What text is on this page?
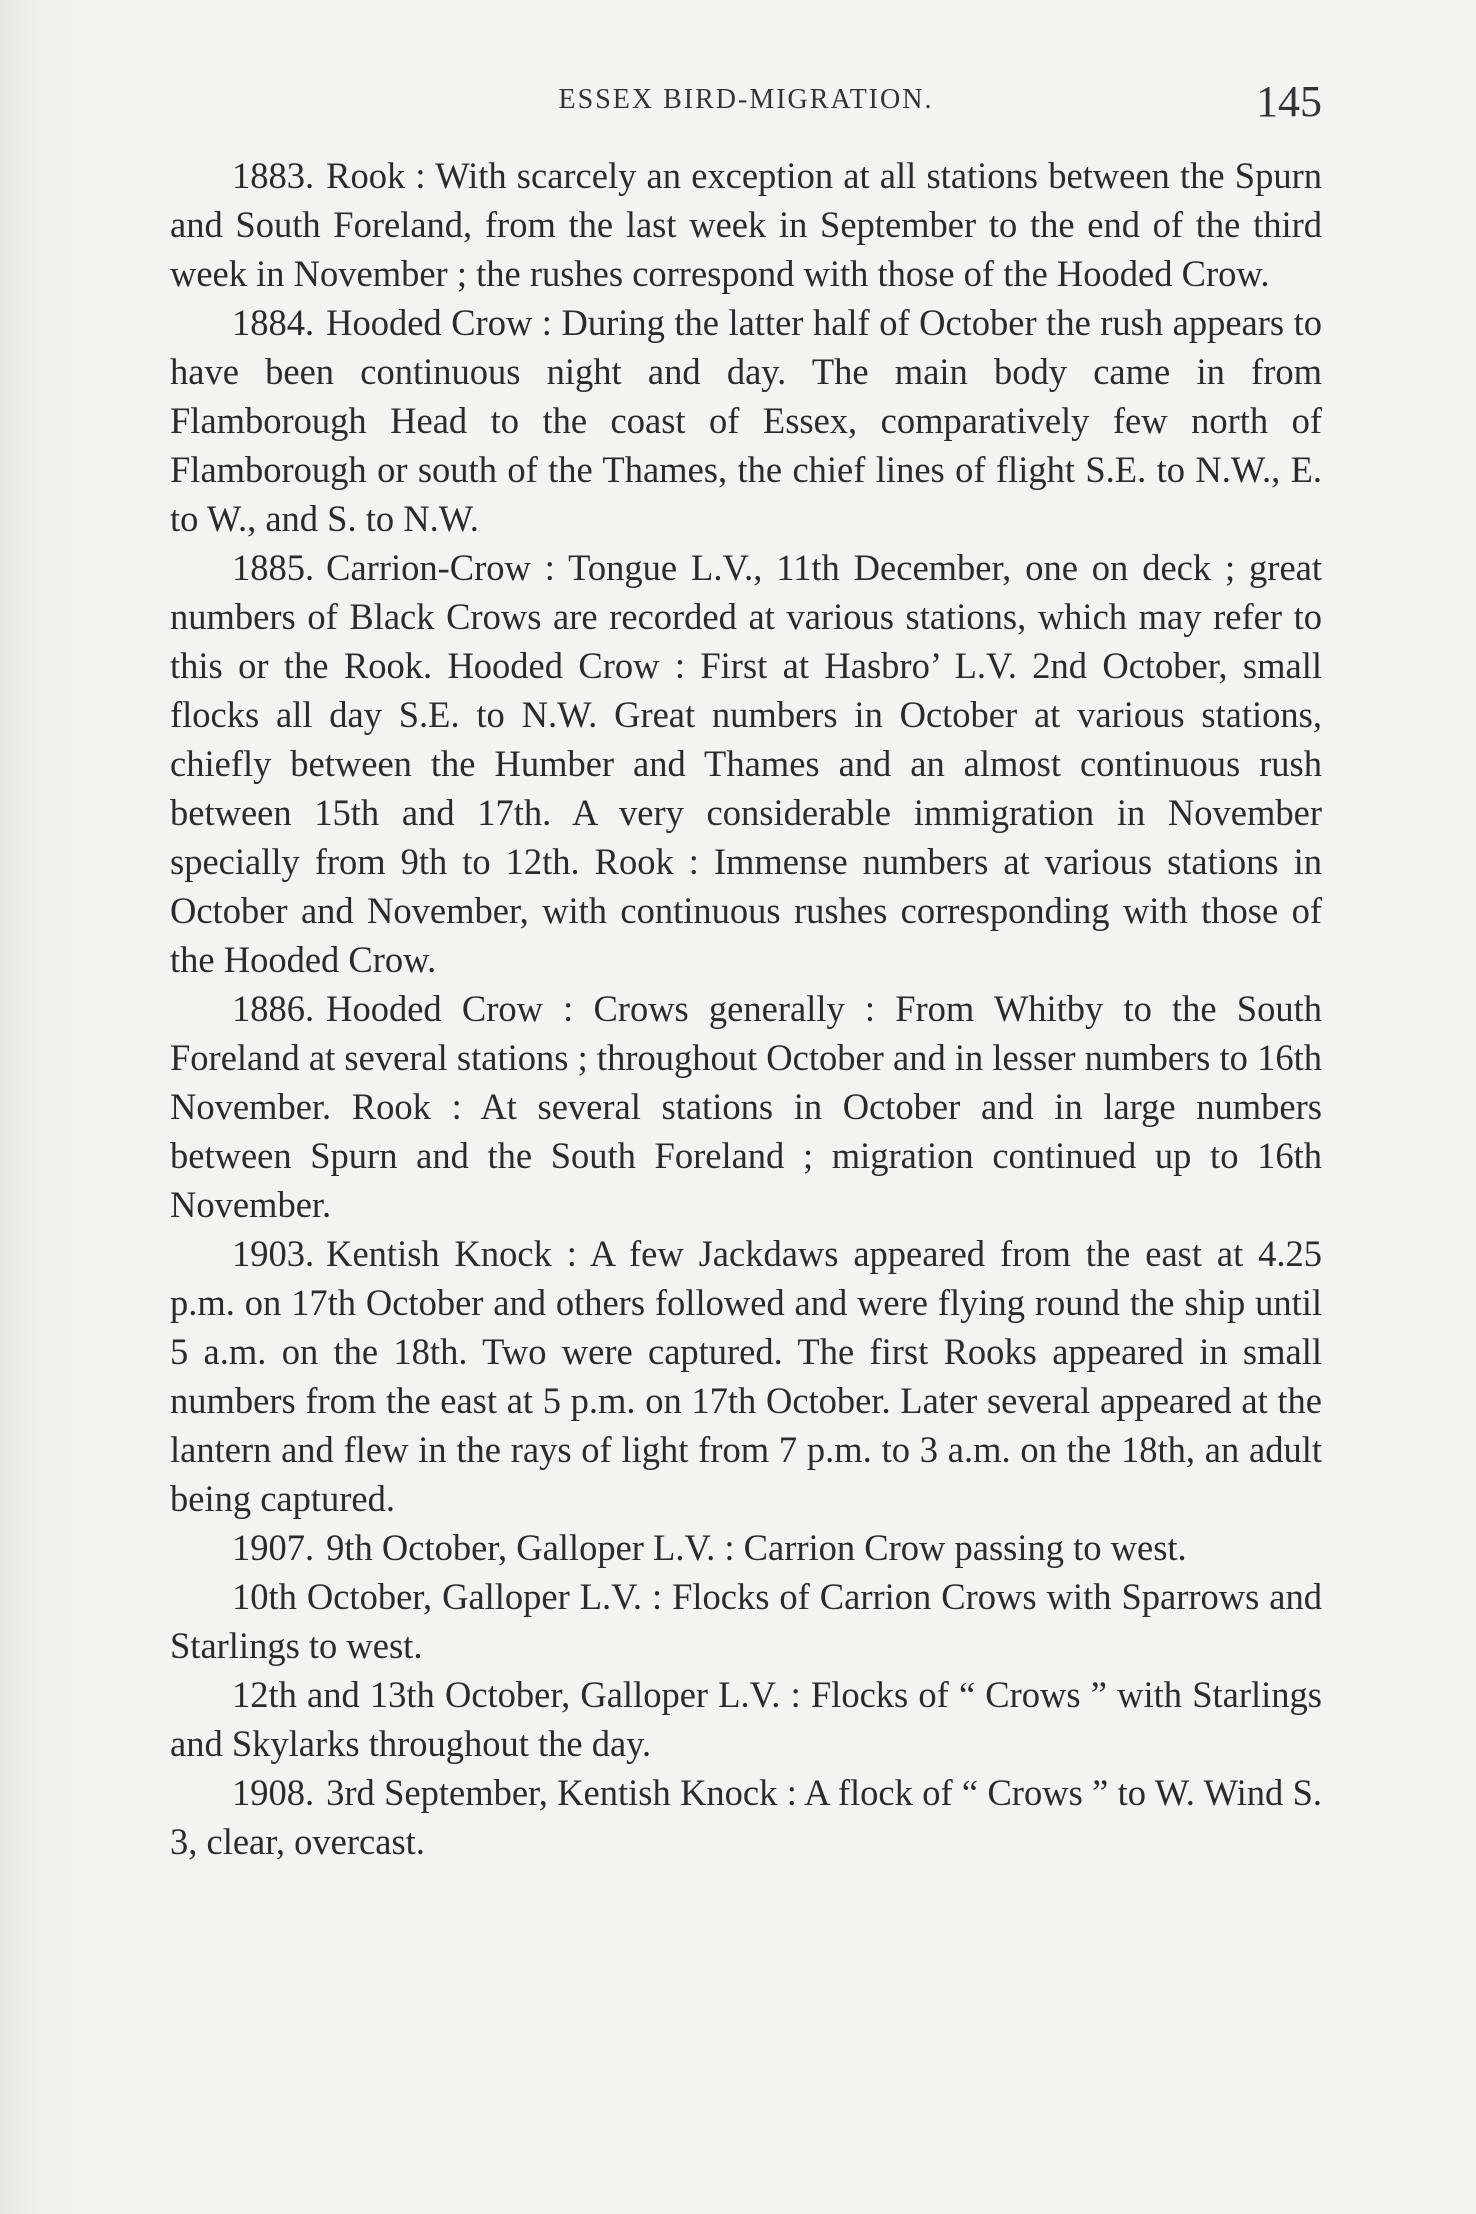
ESSEX BIRD-MIGRATION.	145

1883. Rook : With scarcely an exception at all stations between the Spurn and South Foreland, from the last week in September to the end of the third week in November ; the rushes correspond with those of the Hooded Crow.

1884. Hooded Crow : During the latter half of October the rush appears to have been continuous night and day. The main body came in from Flamborough Head to the coast of Essex, comparatively few north of Flamborough or south of the Thames, the chief lines of flight S.E. to N.W., E. to W., and S. to N.W.

1885. Carrion-Crow : Tongue L.V., 11th December, one on deck ; great numbers of Black Crows are recorded at various stations, which may refer to this or the Rook. Hooded Crow : First at Hasbro’ L.V. 2nd October, small flocks all day S.E. to N.W. Great numbers in October at various stations, chiefly between the Humber and Thames and an almost continuous rush between 15th and 17th. A very considerable immigration in November specially from 9th to 12th. Rook : Immense numbers at various stations in October and November, with continuous rushes corresponding with those of the Hooded Crow.

1886. Hooded Crow : Crows generally : From Whitby to the South Foreland at several stations ; throughout October and in lesser numbers to 16th November. Rook : At several stations in October and in large numbers between Spurn and the South Foreland ; migration continued up to 16th November.

1903. Kentish Knock : A few Jackdaws appeared from the east at 4.25 p.m. on 17th October and others followed and were flying round the ship until 5 a.m. on the 18th. Two were captured. The first Rooks appeared in small numbers from the east at 5 p.m. on 17th October. Later several appeared at the lantern and flew in the rays of light from 7 p.m. to 3 a.m. on the 18th, an adult being captured.

1907. 9th October, Galloper L.V. : Carrion Crow passing to west.

10th October, Galloper L.V. : Flocks of Carrion Crows with Sparrows and Starlings to west.

12th and 13th October, Galloper L.V. : Flocks of “ Crows ” with Starlings and Skylarks throughout the day.

1908. 3rd September, Kentish Knock : A flock of “ Crows ” to W. Wind S. 3, clear, overcast.
